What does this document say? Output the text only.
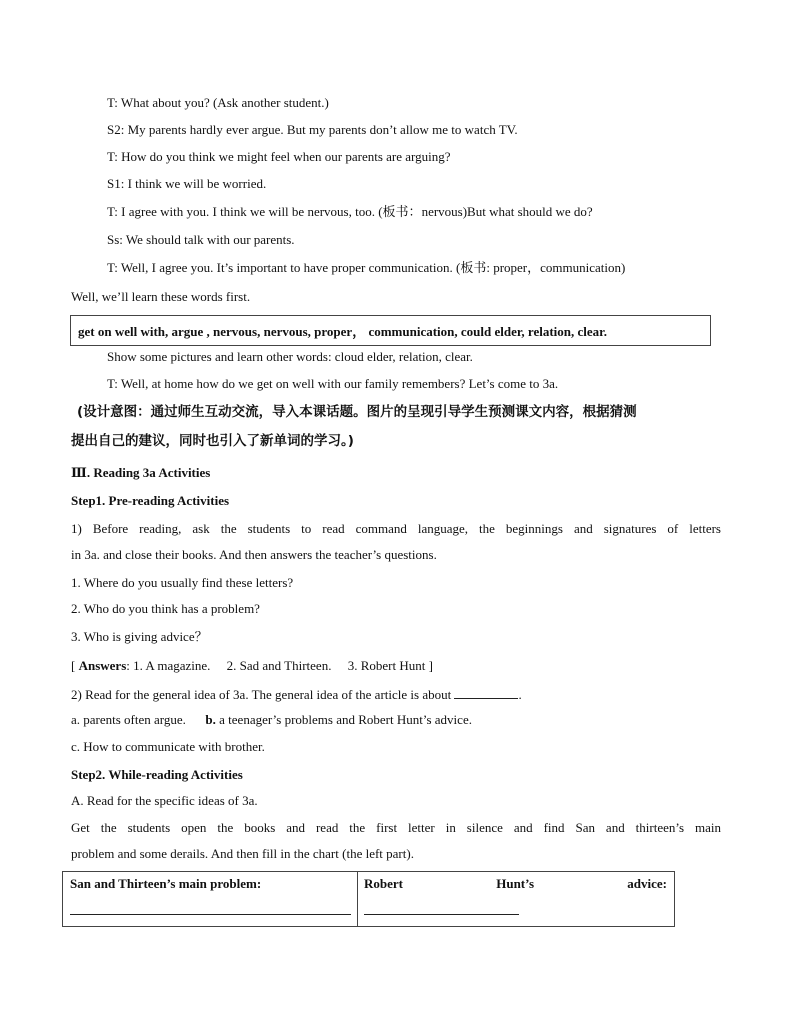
T: What about you? (Ask another student.)
S2: My parents hardly ever argue. But my parents don’t allow me to watch TV.
T: How do you think we might feel when our parents are arguing?
S1: I think we will be worried.
T: I agree with you. I think we will be nervous, too. (板书：nervous)But what should we do?
Ss: We should talk with our parents.
T: Well, I agree you. It’s important to have proper communication. (板书: proper，communication)
Well, we’ll learn these words first.
get on well with, argue , nervous, nervous, proper， communication, could elder, relation, clear.
Show some pictures and learn other words: cloud elder, relation, clear.
T: Well, at home how do we get on well with our family remembers? Let’s come to 3a.
(设计意图：通过师生互动交流，导入本课话题。图片的呈现引导学生预测课文内容，根据猜测
提出自己的建议，同时也引入了新单词的学习。)
Ⅲ. Reading 3a Activities
Step1. Pre-reading Activities
1) Before reading, ask the students to read command language, the beginnings and signatures of letters
in 3a. and close their books. And then answers the teacher’s questions.
1. Where do you usually find these letters?
2. Who do you think has a problem?
3. Who is giving advice？
[ Answers: 1. A magazine.     2. Sad and Thirteen.     3. Robert Hunt ]
2) Read for the general idea of 3a. The general idea of the article is about	.
a. parents often argue. b. a teenager’s problems and Robert Hunt’s advice.
c. How to communicate with brother.
Step2. While-reading Activities
A. Read for the specific ideas of 3a.
Get the students open the books and read the first letter in silence and find San and thirteen’s main
problem and some derails. And then fill in the chart (the left part).
San and Thirteen’s main problem:	Robert	Hunt’s	advice:
